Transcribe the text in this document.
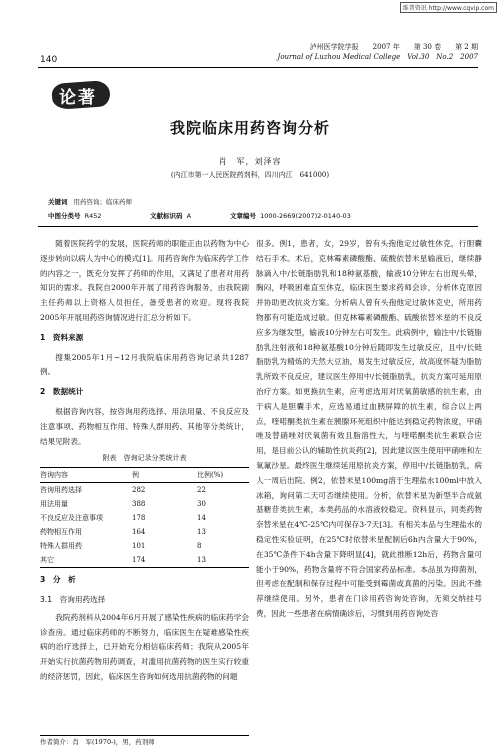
维普资讯 http://www.cqvip.com
140
泸州医学院学报　　2007 年　　第 30 卷　　第 2 期
Journal of Luzhou Medical College　Vol.30　No.2　2007
论著
我院临床用药咨询分析
肖　军，刘泽容
(内江市第一人民医院药剂科，四川内江　641000)
关键词 用药咨询；临床药师
中图分类号 R452	文献标识码 A	文章编号 1000-2669(2007)2-0140-03

随着医院药学的发展，医院药师的职能正由以药物为中心逐步转向以病人为中心的模式[1]。用药咨询作为临床药学工作的内容之一，既充分发挥了药师的作用，又满足了患者对用药知识的需求。我院自2000年开展了用药咨询服务，由我院副主任药师以上资格人员担任，备受患者的欢迎。现将我院2005年开展用药咨询情况进行汇总分析如下。

1　资料来源

搜集2005年1月~12月我院临床用药咨询记录共1287例。

2　数据统计

根据咨询内容，按咨询用药选择、用法用量、不良反应及注意事项、药物相互作用、特殊人群用药、其他等分类统计，结果见附表。

附表　咨询记录分类统计表
咨询内容	例	比例(%)
咨询用药选择	282	22
用法用量	388	30
不良反应及注意事项	178	14
药物相互作用	164	13
特殊人群用药	101	8
其它	174	13
3　分　析
3.1　咨询用药选择

我院药剂科从2004年6月开展了感染性疾病的临床药学会诊查房。通过临床药师的不断努力，临床医生在疑难感染性疾病的治疗选择上，已开始充分相信临床药师；我院从2005年开始实行抗菌药物用药调查，对滥用抗菌药物的医生实行较重的经济惩罚，因此，临床医生咨询如何选用抗菌药物的问题

作者简介：肖　军(1970-)，男，药剂师

很多。例1，患者，女，29岁，曾有头孢他定过敏性休克，行胆囊结石手术。术后，克林霉素磷酸酯、硫酸依替米星输液后，继续静脉滴入中/长链脂肪乳和18种氨基酸，输液10分钟左右出现头晕，胸闷，呼吸困难直至休克，临床医生要求药师会诊，分析休克原因并协助更改抗炎方案。分析病人曾有头孢他定过敏休克史，所用药物都有可能造成过敏。但克林霉素磷酸酯、硫酸依替米星的不良反应多为继发型，输液10分钟左右可发生。此病例中，输注中/长链脂肪乳注射液和18种氨基酸10分钟后随即发生过敏反应，且中/长链脂肪乳为精炼的天然大豆油，易发生过敏反应，故高度怀疑为脂肪乳所致不良反应，建议医生停用中/长链脂肪乳，抗炎方案可延用原治疗方案。如更换抗生素，应考虑选用对厌氧菌敏感的抗生素，由于病人是胆囊手术，应选易通过血胰屏障的抗生素，综合以上两点，喹喏酮类抗生素在胰腺环死组织中能达到稳定药物浓度，甲硝唑及替硝唑对厌氧菌有效且脂溶性大，与喹喏酮类抗生素联合应用，是目前公认的辅助性抗炎药[2]，因此建议医生使用甲硝唑和左氧氟沙星。最终医生继续延用原抗炎方案，停用中/长链脂肪乳，病人一周后出院。例2，依替米星100mg溶于生理盐水100ml中放入冰箱，询问第二天可否继续使用。分析，依替米星为新型半合成氨基糖苷类抗生素，本类药品的水溶液较稳定。资料显示，同类药物奈替米星在4℃-25℃内可保存3-7天[3]。有相关本品与生理盐水的稳定性实验证明，在25℃时依替米星配制后6h内含量大于90%，在35℃条件下4h含量下降明显[4]，就此推断12h后，药物含量可能小于90%，药物含量将不符合国家药品标准。本品虽为抑菌剂，但考虑在配制和保存过程中可能受到霉菌或真菌的污染。因此不推荐继续使用。另外，患者在门诊用药咨询处咨询，无须交纳挂号费，因此一些患者在病情确诊后，习惯到用药咨询处咨
